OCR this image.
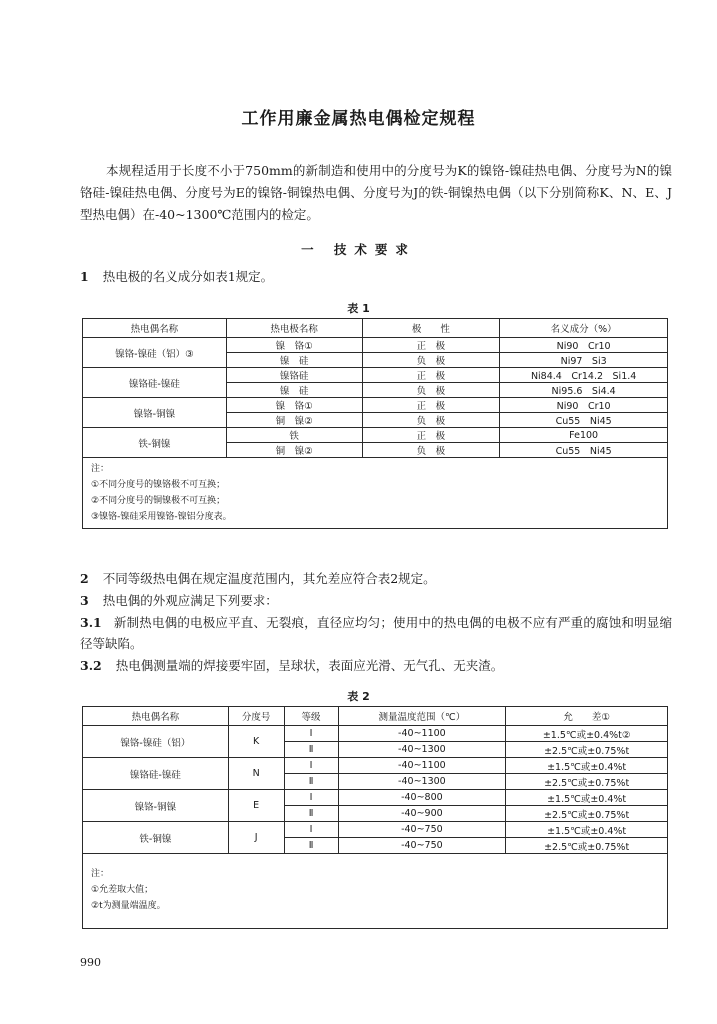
工作用廉金属热电偶检定规程
本规程适用于长度不小于750mm的新制造和使用中的分度号为K的镍铬-镍硅热电偶、分度号为N的镍铬硅-镍硅热电偶、分度号为E的镍铬-铜镍热电偶、分度号为J的铁-铜镍热电偶（以下分别简称K、N、E、J型热电偶）在-40~1300℃范围内的检定。
一 技术要求
1 热电极的名义成分如表1规定。
表 1
热电偶名称	热电极名称	极　　性	名义成分（%）
镍铬-镍硅（铝）③	镍　铬①	正　极	Ni90　Cr10
	镍　硅	负　极	Ni97　Si3
镍铬硅-镍硅	镍铬硅	正　极	Ni84.4　Cr14.2　Si1.4
	镍　硅	负　极	Ni95.6　Si4.4
镍铬-铜镍	镍　铬①	正　极	Ni90　Cr10
	铜　镍②	负　极	Cu55　Ni45
铁-铜镍	铁	正　极	Fe100
	铜　镍②	负　极	Cu55　Ni45

注：
①不同分度号的镍铬极不可互换；
②不同分度号的铜镍极不可互换；
③镍铬-镍硅采用镍铬-镍铝分度表。			
2 不同等级热电偶在规定温度范围内，其允差应符合表2规定。
3 热电偶的外观应满足下列要求：
3.1 新制热电偶的电极应平直、无裂痕，直径应均匀；使用中的热电偶的电极不应有严重的腐蚀和明显缩径等缺陷。
3.2 热电偶测量端的焊接要牢固，呈球状，表面应光滑、无气孔、无夹渣。
表 2
热电偶名称	分度号	等级	测量温度范围（℃）	允　　差①
镍铬-镍硅（铝）	K	Ⅰ	-40~1100	±1.5℃或±0.4%t②
		Ⅱ	-40~1300	±2.5℃或±0.75%t
镍铬硅-镍硅	N	Ⅰ	-40~1100	±1.5℃或±0.4%t
		Ⅱ	-40~1300	±2.5℃或±0.75%t
镍铬-铜镍	E	Ⅰ	-40~800	±1.5℃或±0.4%t
		Ⅱ	-40~900	±2.5℃或±0.75%t
铁-铜镍	J	Ⅰ	-40~750	±1.5℃或±0.4%t
		Ⅱ	-40~750	±2.5℃或±0.75%t

注：
①允差取大值；
②t为测量端温度。				
990
